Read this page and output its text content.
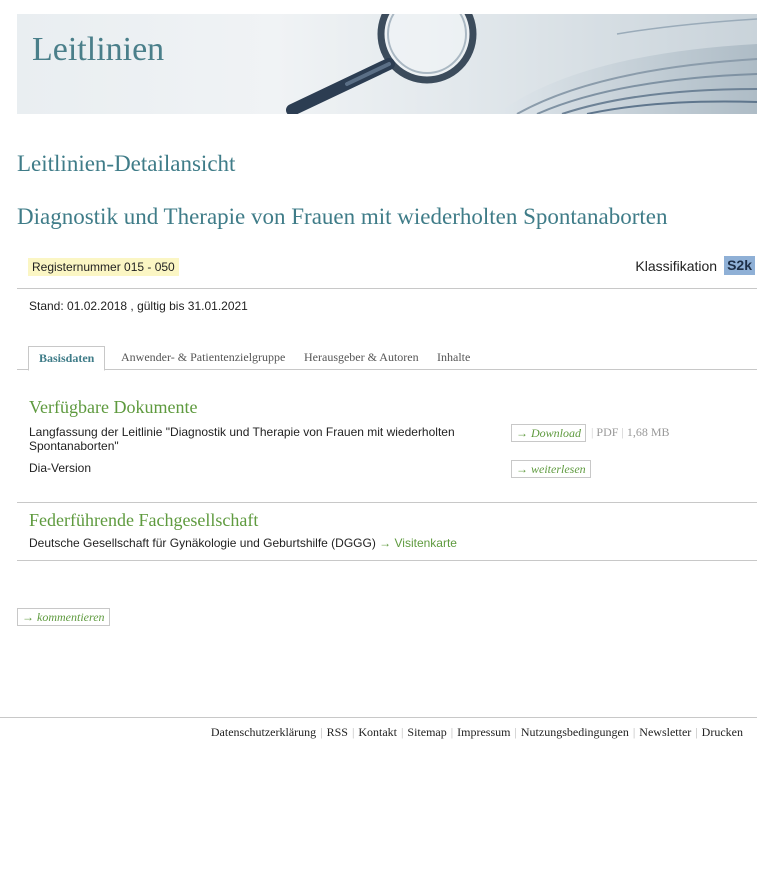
Leitlinien
Leitlinien-Detailansicht
Diagnostik und Therapie von Frauen mit wiederholten Spontanaborten
Registernummer 015 - 050	Klassifikation S2k
Stand: 01.02.2018 , gültig bis 31.01.2021
Basisdaten	Anwender- & Patientenzielgruppe Herausgeber & Autoren Inhalte
Verfügbare Dokumente
Langfassung der Leitlinie "Diagnostik und Therapie von Frauen mit wiederholten Spontanaborten"
→ Download | PDF | 1,68 MB
Dia-Version	→ weiterlesen
Federführende Fachgesellschaft
Deutsche Gesellschaft für Gynäkologie und Geburtshilfe (DGGG) → Visitenkarte
→ kommentieren
Datenschutzerklärung | RSS | Kontakt | Sitemap | Impressum | Nutzungsbedingungen | Newsletter | Drucken
